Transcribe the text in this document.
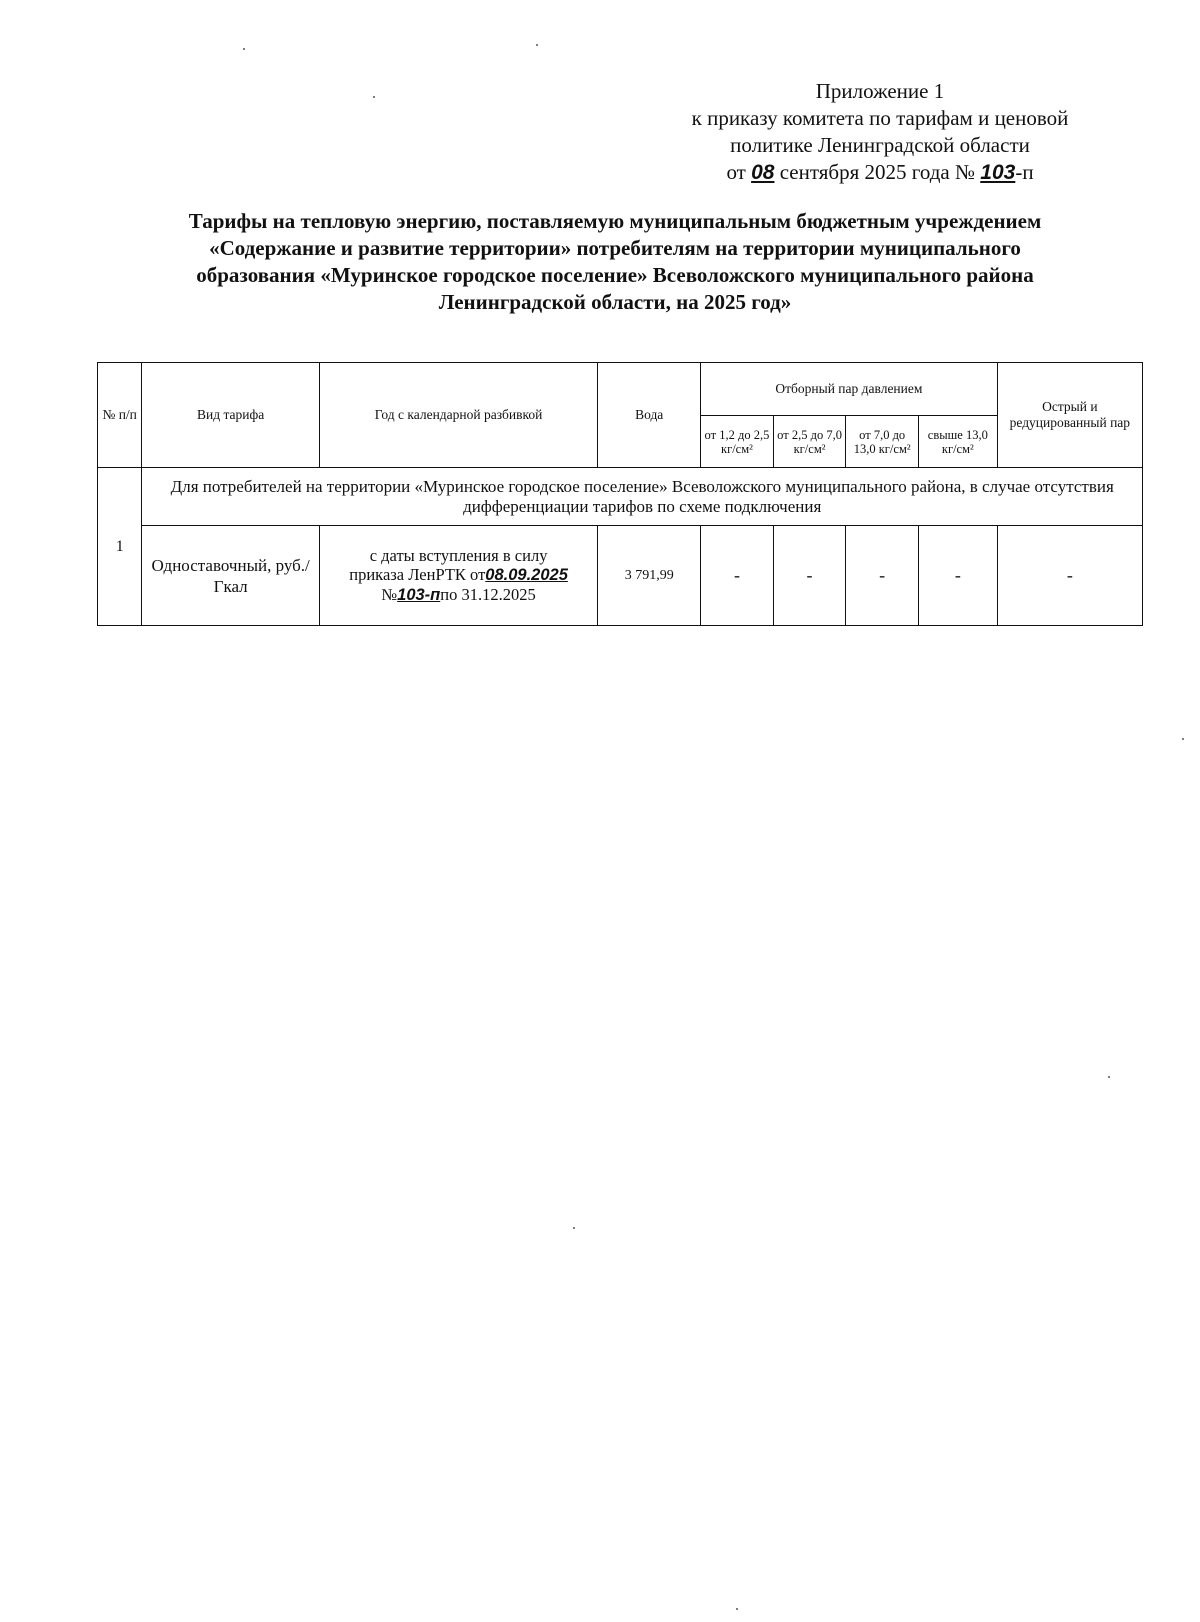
Приложение 1
к приказу комитета по тарифам и ценовой
политике Ленинградской области
от 08 сентября 2025 года № 103-п
Тарифы на тепловую энергию, поставляемую муниципальным бюджетным учреждением
«Содержание и развитие территории» потребителям на территории муниципального
образования «Муринское городское поселение» Всеволожского муниципального района
Ленинградской области, на 2025 год»
№ п/п	Вид тарифа	Год с календарной разбивкой	Вода	Отборный пар давлением				Острый и редуцированный пар
				от 1,2 до 2,5 кг/см²	от 2,5 до 7,0 кг/см²	от 7,0 до 13,0 кг/см²	свыше 13,0 кг/см²	
1	Для потребителей на территории «Муринское городское поселение» Всеволожского муниципального района, в случае отсутствия дифференциации тарифов по схеме подключения							
	Одноставочный, руб./Гкал	с даты вступления в силу
приказа ЛенРТК от08.09.2025
№103-ппо 31.12.2025	3 791,99	-	-	-	-	-
